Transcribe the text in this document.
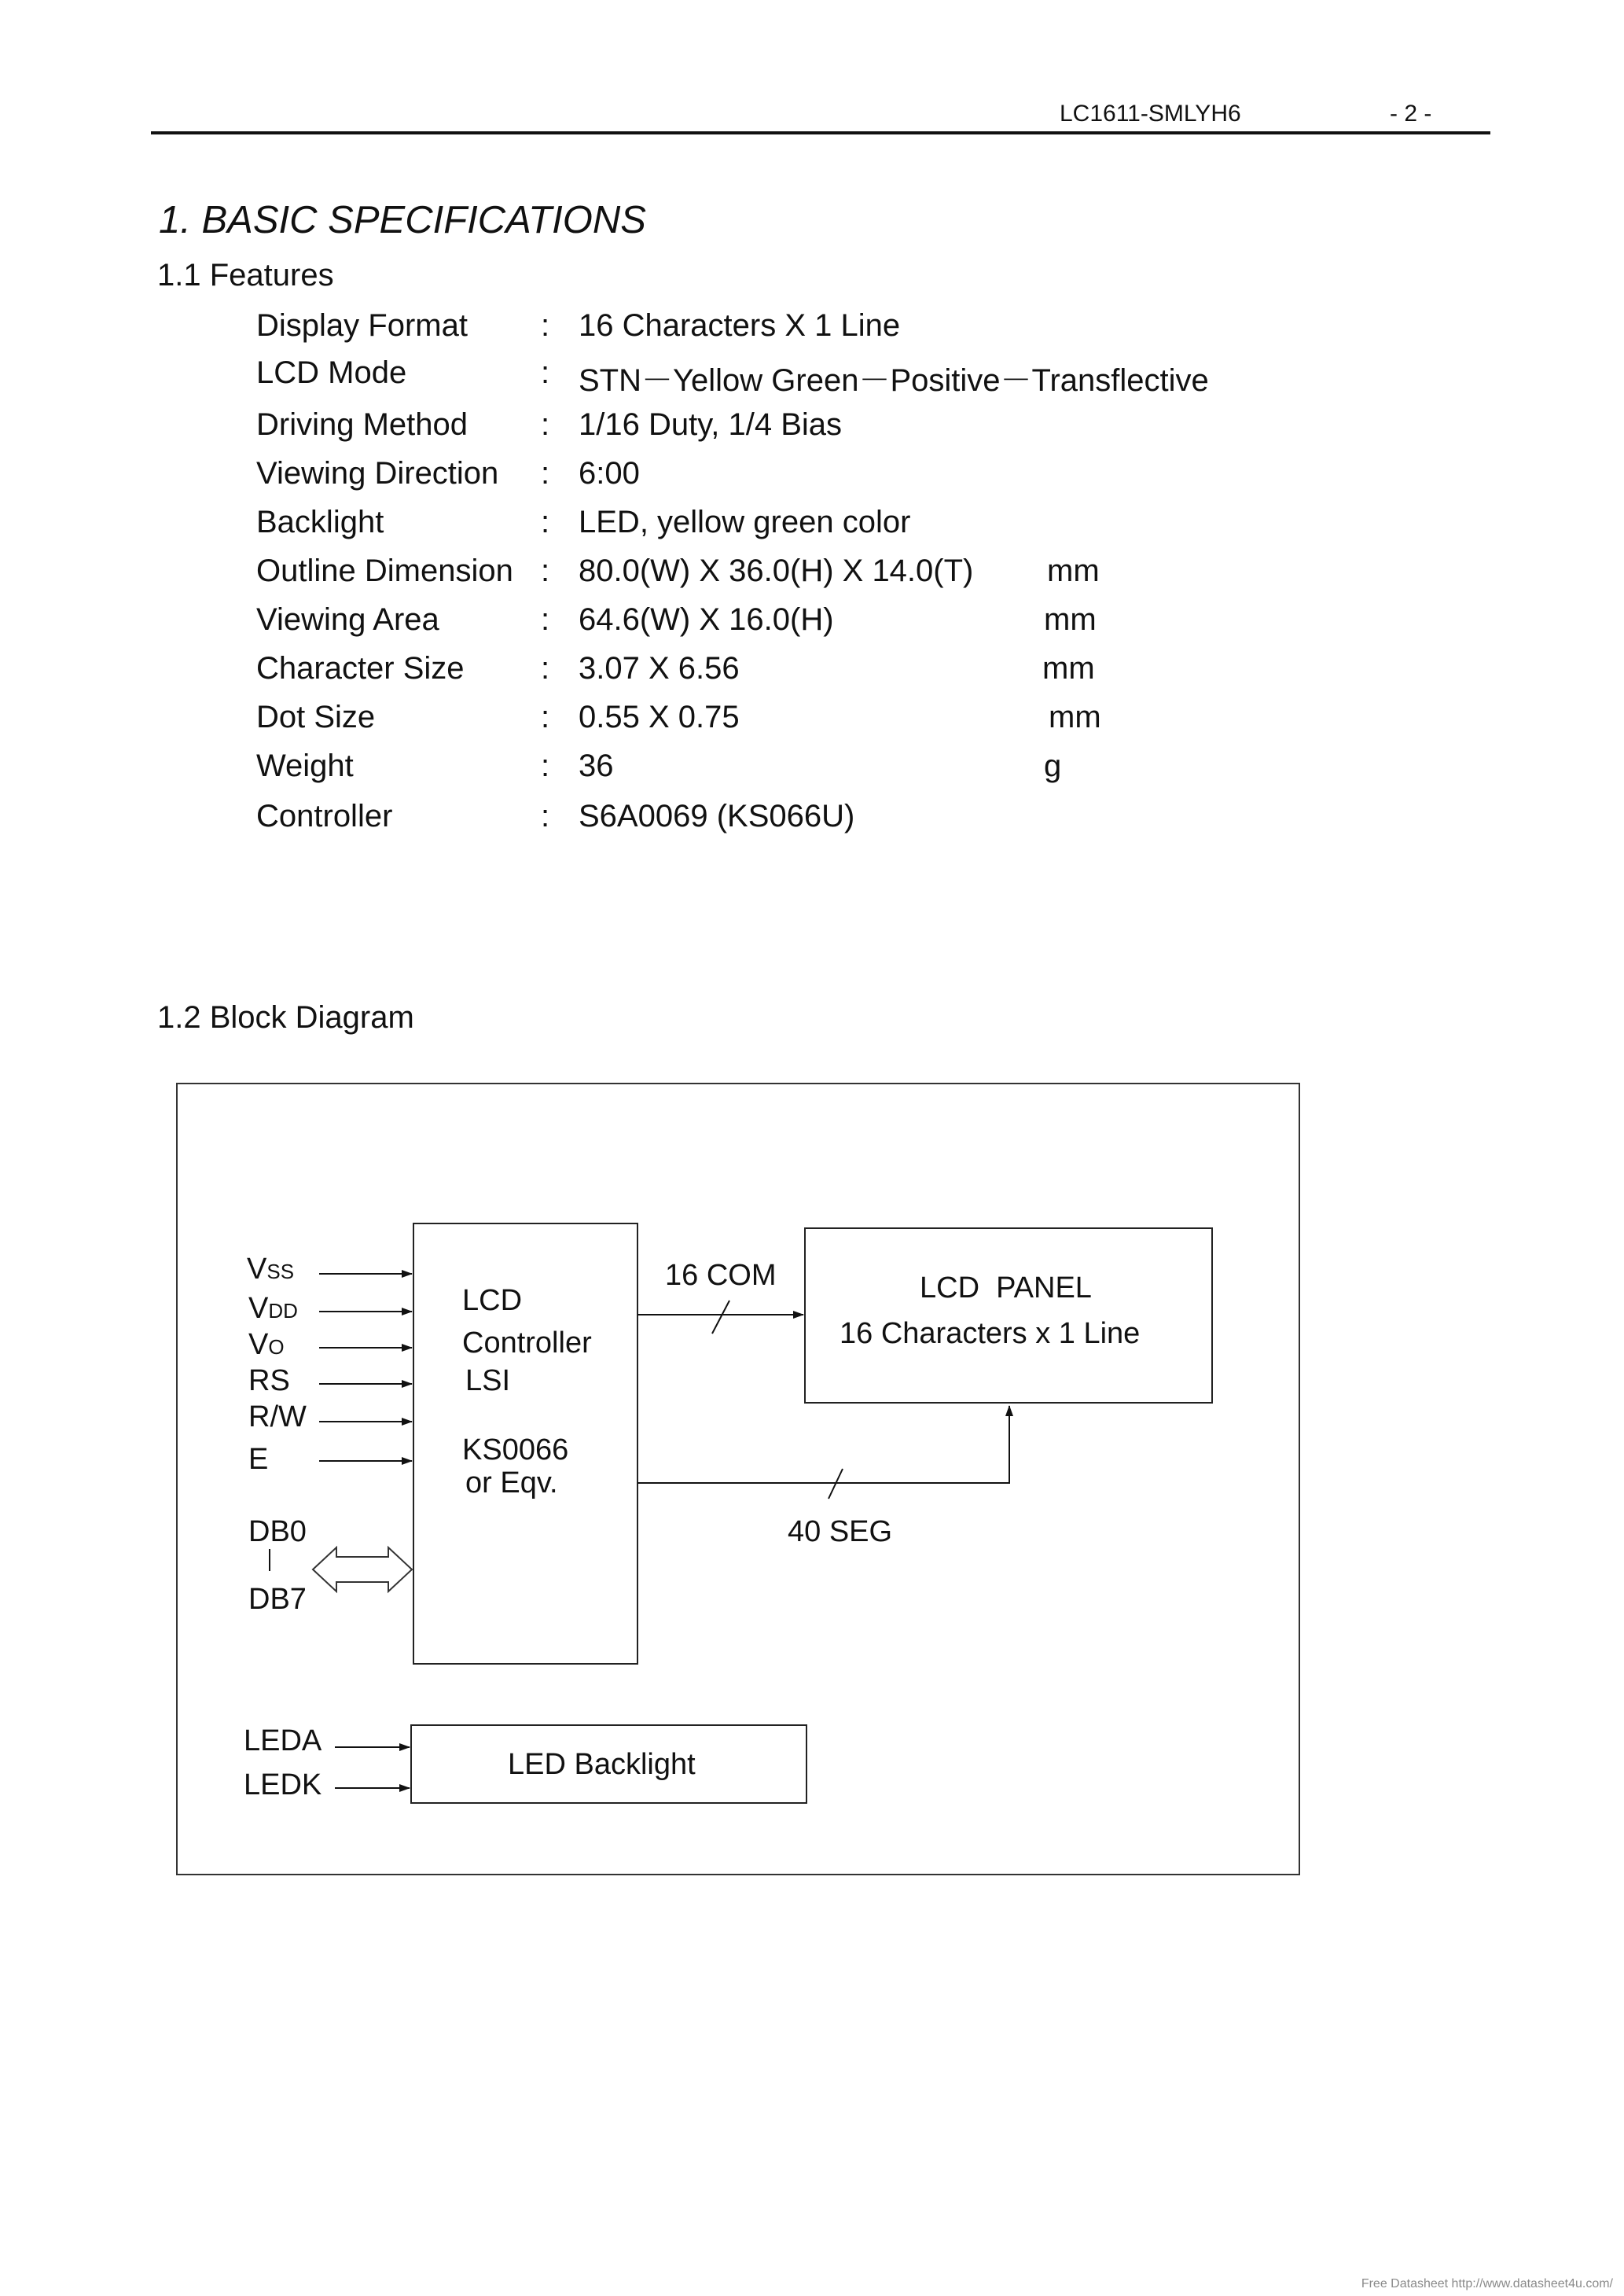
LC1611-SMLYH6	- 2 -
1. BASIC SPECIFICATIONS
1.1 Features
Display Format : 16 Characters X 1 Line
LCD Mode	: STN－Yellow Green－Positive－Transflective
Driving Method : 1/16 Duty, 1/4 Bias
Viewing Direction : 6:00
Backlight	: LED, yellow green color
Outline Dimension : 80.0(W) X 36.0(H) X 14.0(T) mm
Viewing Area	: 64.6(W) X 16.0(H)	mm
Character Size : 3.07 X 6.56	mm
Dot Size	: 0.55 X 0.75	mm
Weight	: 36	g
Controller	: S6A0069 (KS066U)
1.2 Block Diagram
LCD
Controller
LSI
KS0066
or Eqv.
VSS
VDD
VO
RS
R/W
E
DB0
DB7
LCD  PANEL
16 Characters x 1 Line
16 COM
40 SEG
LED Backlight
LEDA
LEDK
Free Datasheet http://www.datasheet4u.com/
